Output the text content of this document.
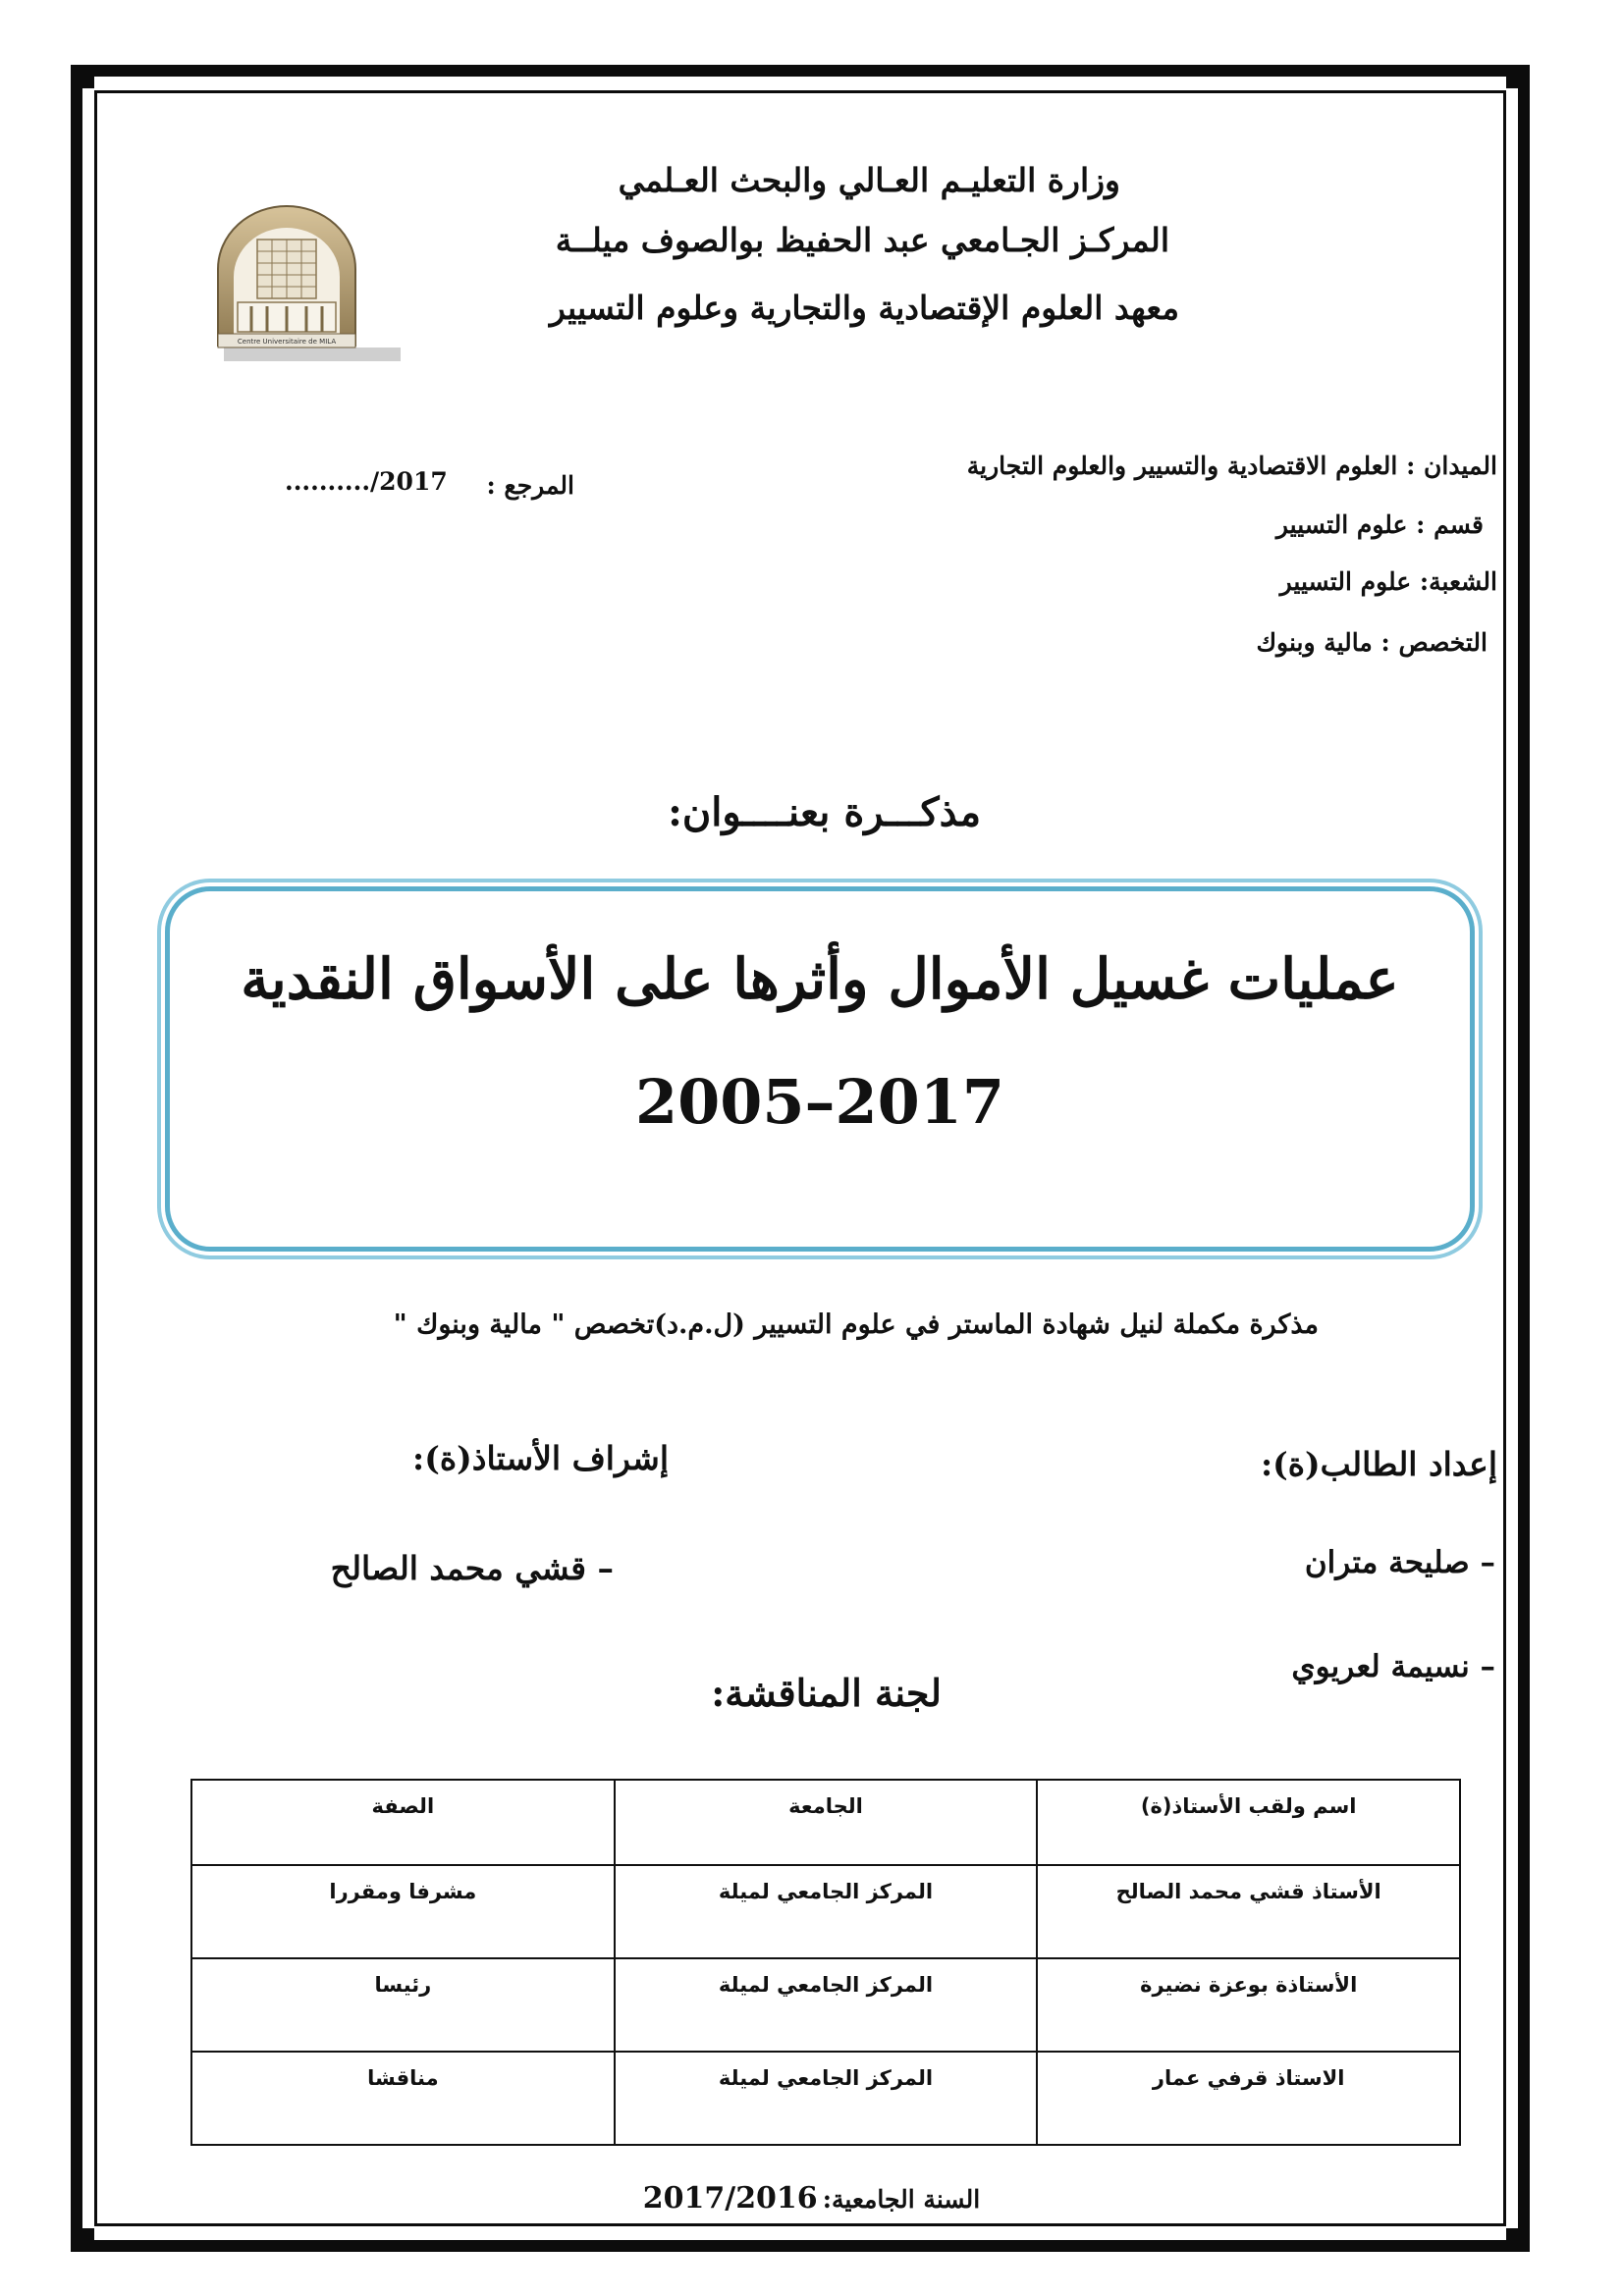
Centre Universitaire de MILA
وزارة التعليـم العـالي والبحث العـلمي
المركـز الجـامعي عبد الحفيظ بوالصوف ميلــة
معهد العلوم الإقتصادية والتجارية وعلوم التسيير
الميدان : العلوم الاقتصادية والتسيير والعلوم التجارية
قسم : علوم التسيير
الشعبة: علوم التسيير
التخصص : مالية وبنوك
........../2017 المرجع :
مذكـــرة بعنــــوان:
عمليات غسيل الأموال وأثرها على الأسواق النقدية
2005–2017
مذكرة مكملة لنيل شهادة الماستر في علوم التسيير (ل.م.د)تخصص " مالية وبنوك "
إعداد الطالب(ة):
إشراف الأستاذ(ة):
– صليحة متران
– نسيمة لعريوي
– قشي محمد الصالح
لجنة المناقشة:
اسم ولقب الأستاذ(ة)	الجامعة	الصفة
الأستاذ قشي محمد الصالح	المركز الجامعي لميلة	مشرفا ومقررا
الأستاذة بوعزة نضيرة	المركز الجامعي لميلة	رئيسا
الاستاذ قرفي عمار	المركز الجامعي لميلة	مناقشا
2017/2016 السنة الجامعية:
